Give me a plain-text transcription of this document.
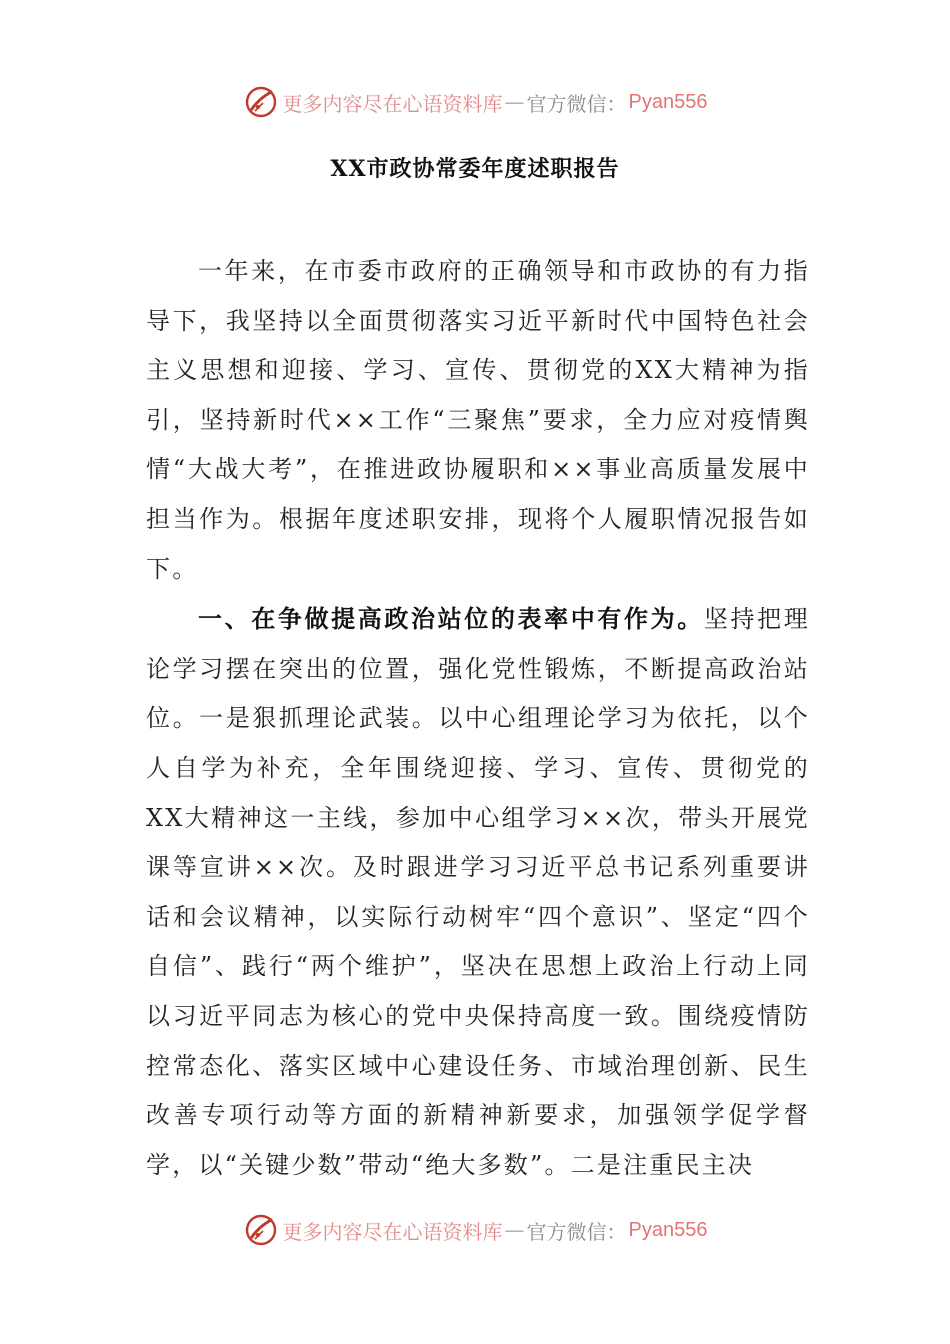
更多内容尽在心语资料库 — 官方微信： Pyan556
XX市政协常委年度述职报告

一年来，在市委市政府的正确领导和市政协的有力指导下，我坚持以全面贯彻落实习近平新时代中国特色社会主义思想和迎接、学习、宣传、贯彻党的XX大精神为指引，坚持新时代××工作“三聚焦”要求，全力应对疫情舆情“大战大考”，在推进政协履职和××事业高质量发展中担当作为。根据年度述职安排，现将个人履职情况报告如下。

一、在争做提高政治站位的表率中有作为。坚持把理论学习摆在突出的位置，强化党性锻炼，不断提高政治站位。一是狠抓理论武装。以中心组理论学习为依托，以个人自学为补充，全年围绕迎接、学习、宣传、贯彻党的XX大精神这一主线，参加中心组学习××次，带头开展党课等宣讲××次。及时跟进学习习近平总书记系列重要讲话和会议精神，以实际行动树牢“四个意识”、坚定“四个自信”、践行“两个维护”，坚决在思想上政治上行动上同以习近平同志为核心的党中央保持高度一致。围绕疫情防控常态化、落实区域中心建设任务、市域治理创新、民生改善专项行动等方面的新精神新要求，加强领学促学督学，以“关键少数”带动“绝大多数”。二是注重民主决

更多内容尽在心语资料库 — 官方微信： Pyan556
